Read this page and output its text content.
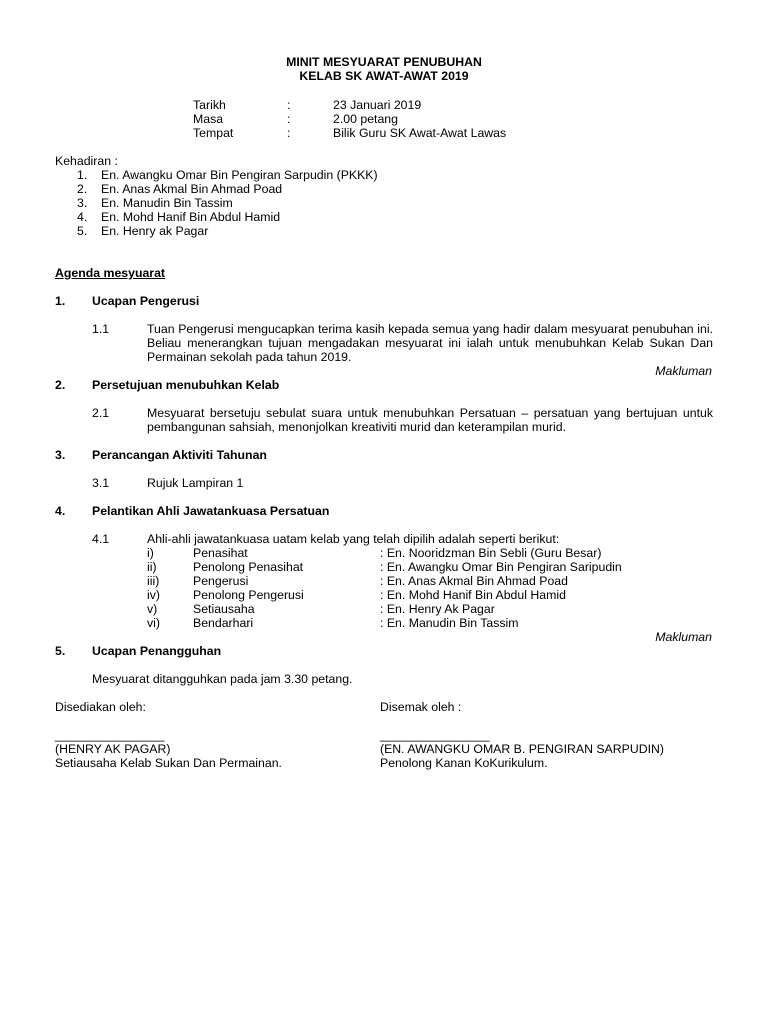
MINIT MESYUARAT PENUBUHAN
KELAB SK AWAT-AWAT 2019
Tarikh	:	23 Januari 2019
Masa	:	2.00 petang
Tempat	:	Bilik Guru SK Awat-Awat Lawas
Kehadiran :
1. En. Awangku Omar Bin Pengiran Sarpudin (PKKK)
2. En. Anas Akmal Bin Ahmad Poad
3. En. Manudin Bin Tassim
4. En. Mohd Hanif Bin Abdul Hamid
5. En. Henry ak Pagar
Agenda mesyuarat
1. Ucapan Pengerusi
1.1	Tuan Pengerusi mengucapkan terima kasih kepada semua yang hadir dalam mesyuarat penubuhan ini. Beliau menerangkan tujuan mengadakan mesyuarat ini ialah untuk menubuhkan Kelab Sukan Dan Permainan sekolah pada tahun 2019.
Makluman
2. Persetujuan menubuhkan Kelab
2.1	Mesyuarat bersetuju sebulat suara untuk menubuhkan Persatuan – persatuan yang bertujuan untuk pembangunan sahsiah, menonjolkan kreativiti murid dan keterampilan murid.
3. Perancangan Aktiviti Tahunan
3.1	Rujuk Lampiran 1
4. Pelantikan Ahli Jawatankuasa Persatuan
4.1	Ahli-ahli jawatankuasa uatam kelab yang telah dipilih adalah seperti berikut:
i)	Penasihat	: En. Nooridzman Bin Sebli (Guru Besar)
ii)	Penolong Penasihat	: En. Awangku Omar Bin Pengiran Saripudin
iii)	Pengerusi	: En. Anas Akmal Bin Ahmad Poad
iv)	Penolong Pengerusi	: En. Mohd Hanif Bin Abdul Hamid
v)	Setiausaha	: En. Henry Ak Pagar
vi)	Bendarhari	: En. Manudin Bin Tassim
Makluman
5. Ucapan Penangguhan
Mesyuarat ditangguhkan pada jam 3.30 petang.
Disediakan oleh:	Disemak oleh :
________________	________________
(HENRY AK PAGAR)	(EN. AWANGKU OMAR B. PENGIRAN SARPUDIN)
Setiausaha Kelab Sukan Dan Permainan.	Penolong Kanan KoKurikulum.
